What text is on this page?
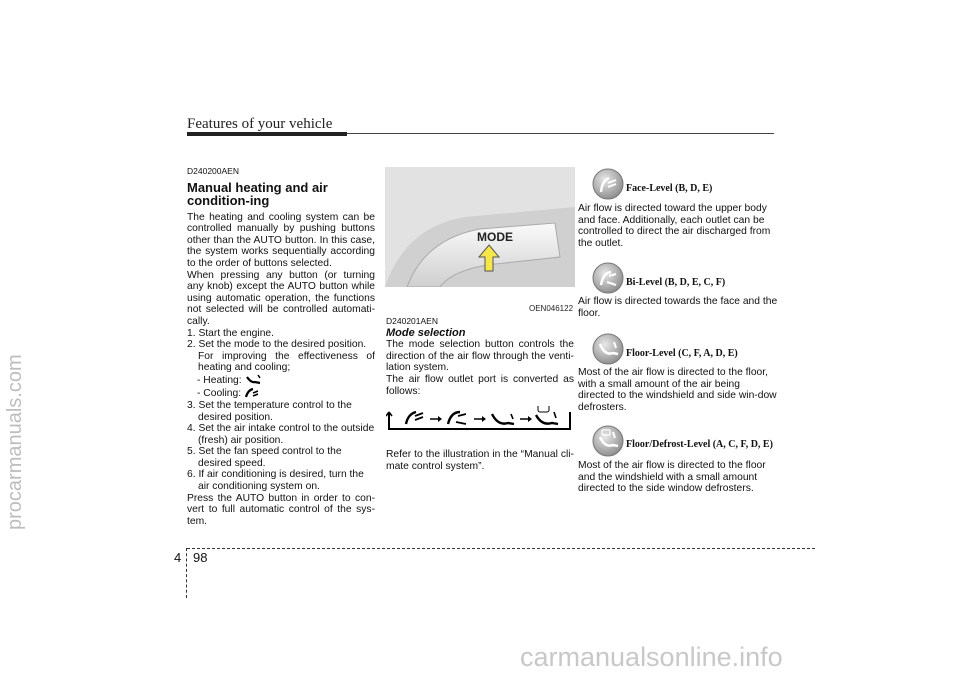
procarmanuals.com
Features of your vehicle
D240200AEN
Manual heating and air condition-ing

The heating and cooling system can be controlled manually by pushing buttons other than the AUTO button. In this case, the system works sequentially according to the order of buttons selected.

When pressing any button (or turning any knob) except the AUTO button while using automatic operation, the functions not selected will be controlled automati-cally.

1. Start the engine.

2. Set the mode to the desired position.

For improving the effectiveness of heating and cooling;

- Heating:
- Cooling:

3. Set the temperature control to the desired position.

4. Set the air intake control to the outside (fresh) air position.

5. Set the fan speed control to the desired speed.

6. If air conditioning is desired, turn the air conditioning system on.

Press the AUTO button in order to con-vert to full automatic control of the sys-tem.

MODE
OEN046122
D240201AEN
Mode selection

The mode selection button controls the direction of the air flow through the venti-lation system.

The air flow outlet port is converted as follows:

Refer to the illustration in the “Manual cli-mate control system”.

Face-Level (B, D, E)
Air flow is directed toward the upper body and face. Additionally, each outlet can be controlled to direct the air discharged from the outlet.
Bi-Level (B, D, E, C, F)
Air flow is directed towards the face and the floor.
Floor-Level (C, F, A, D, E)
Most of the air flow is directed to the floor, with a small amount of the air being directed to the windshield and side win-dow defrosters.
Floor/Defrost-Level (A, C, F, D, E)
Most of the air flow is directed to the floor and the windshield with a small amount directed to the side window defrosters.
4 98
carmanualsonline.info
